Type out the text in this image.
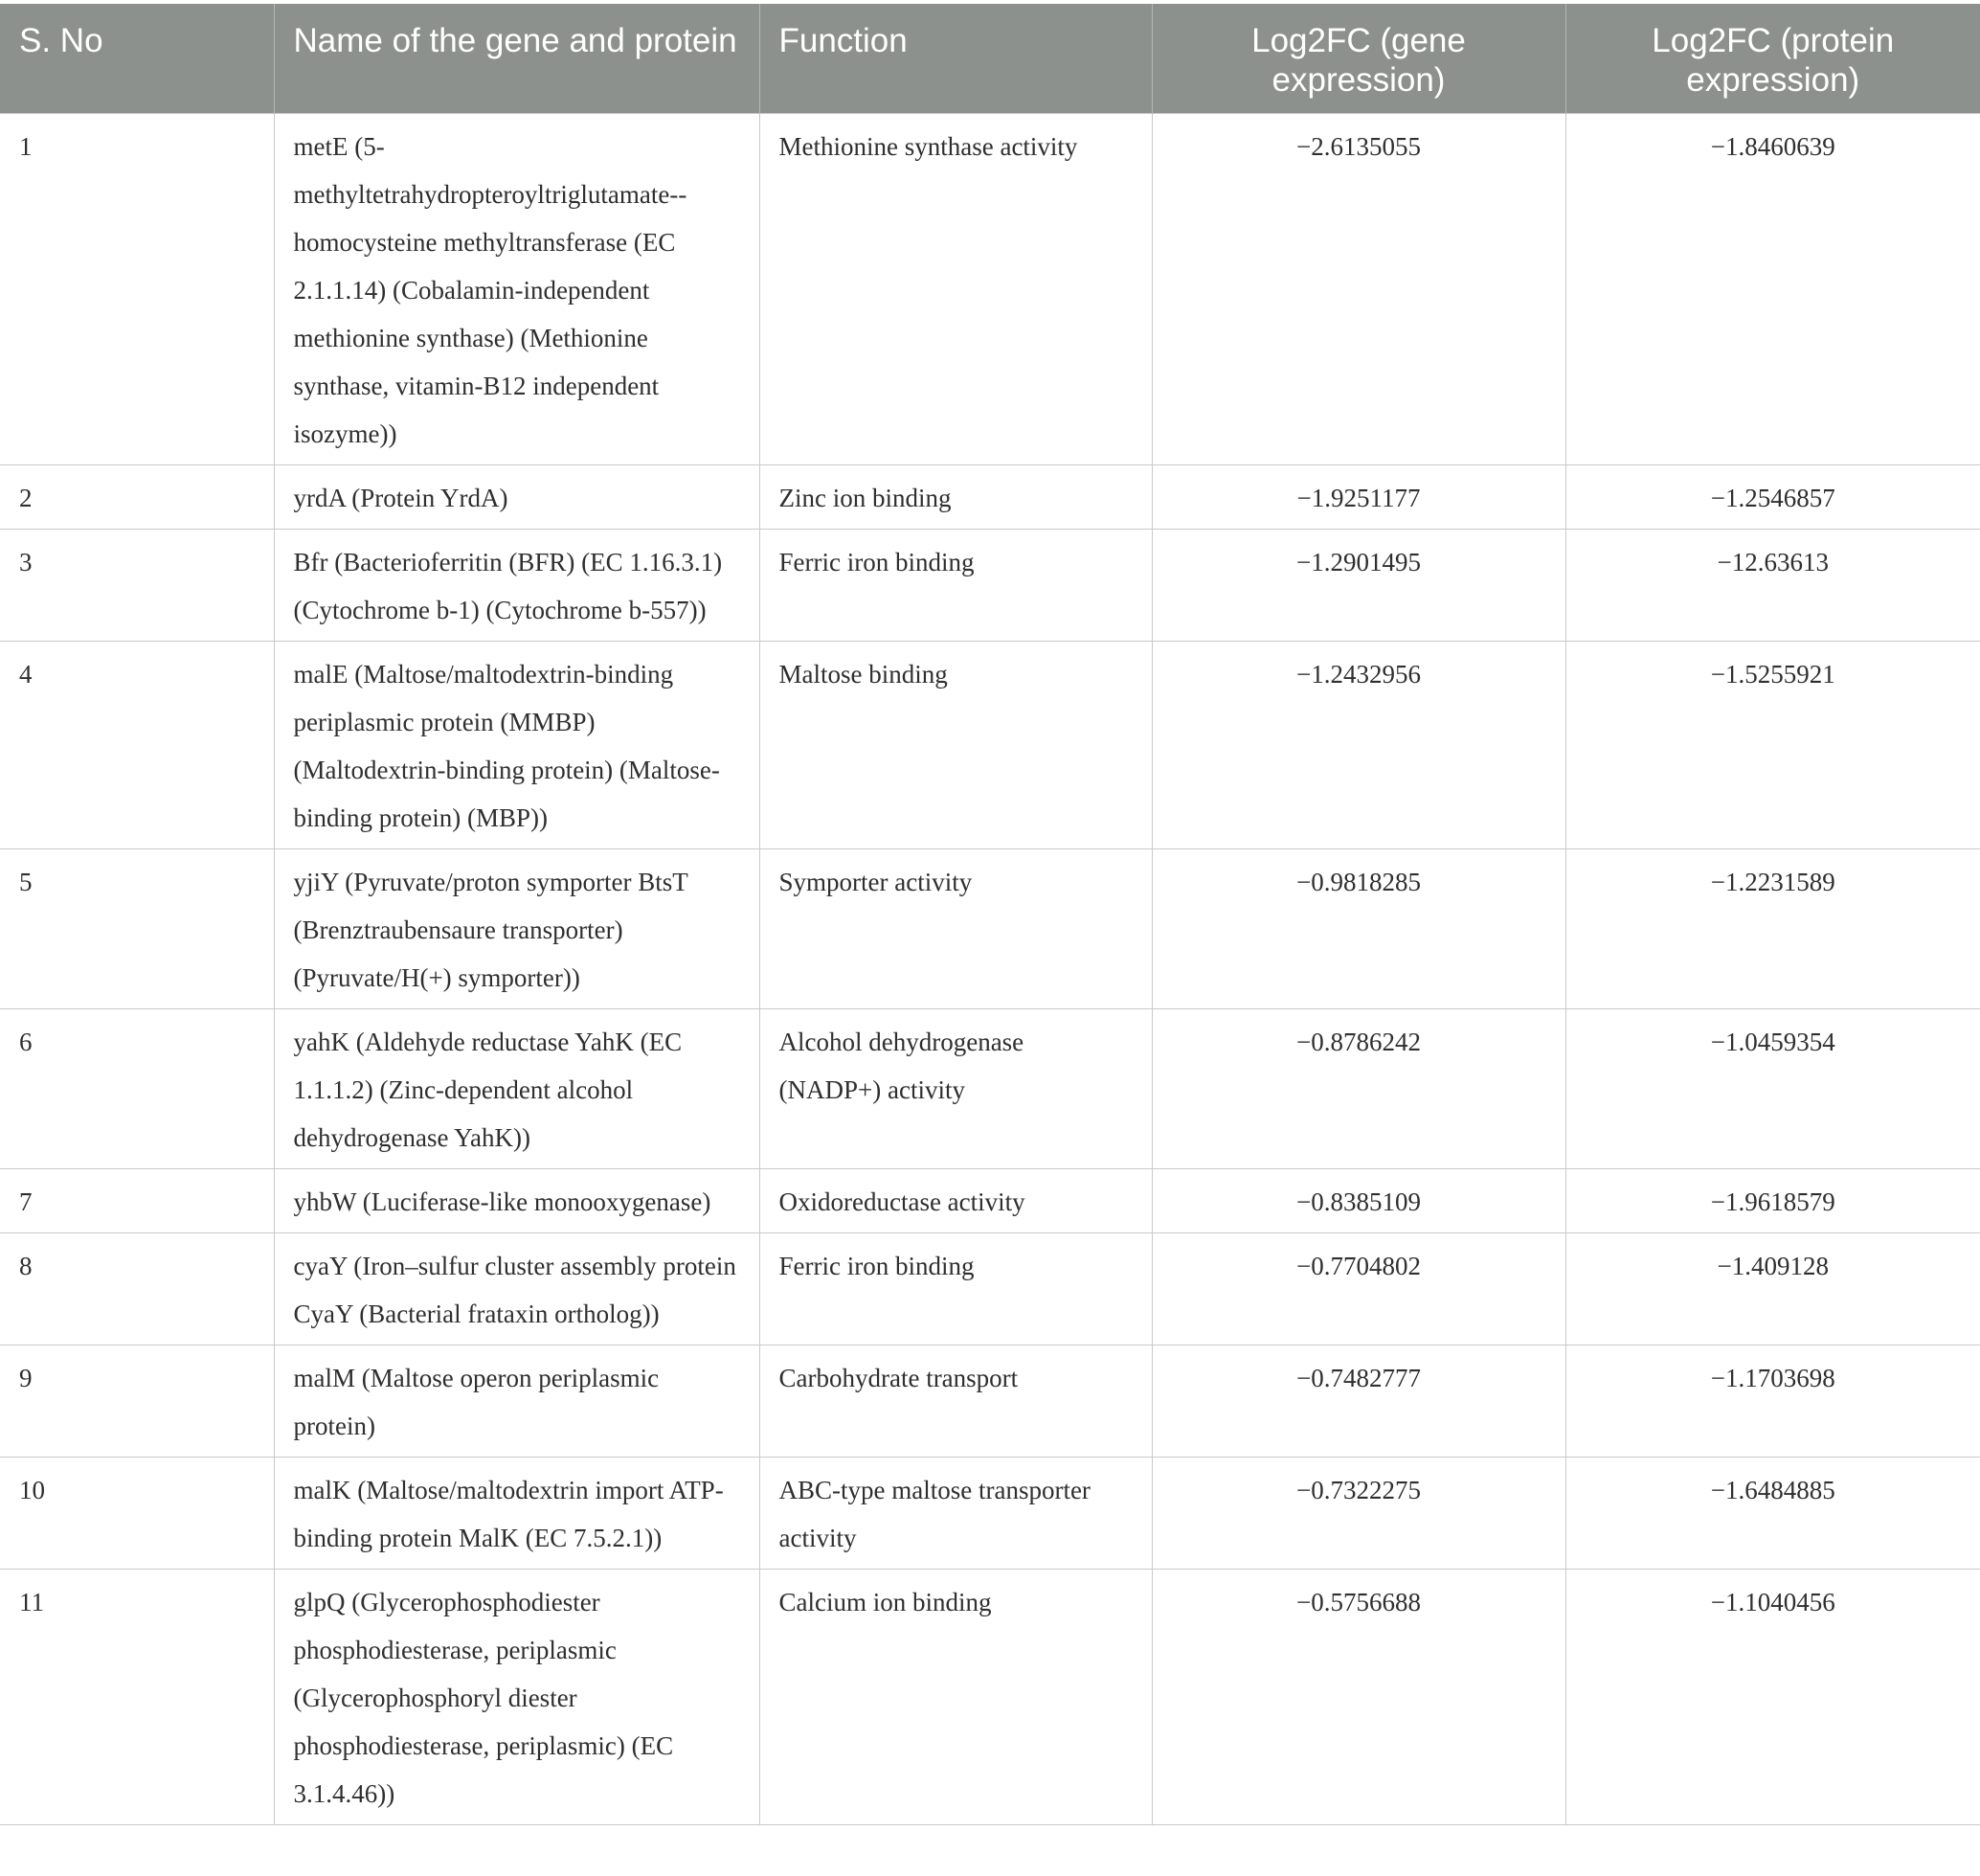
S. No	Name of the gene and protein	Function	Log2FC (gene expression)	Log2FC (protein expression)
1	metE (5-methyltetrahydropteroyltriglutamate--homocysteine methyltransferase (EC 2.1.1.14) (Cobalamin-independent methionine synthase) (Methionine synthase, vitamin-B12 independent isozyme))	Methionine synthase activity	−2.6135055	−1.8460639
2	yrdA (Protein YrdA)	Zinc ion binding	−1.9251177	−1.2546857
3	Bfr (Bacterioferritin (BFR) (EC 1.16.3.1) (Cytochrome b-1) (Cytochrome b-557))	Ferric iron binding	−1.2901495	−12.63613
4	malE (Maltose/maltodextrin-binding periplasmic protein (MMBP) (Maltodextrin-binding protein) (Maltose-binding protein) (MBP))	Maltose binding	−1.2432956	−1.5255921
5	yjiY (Pyruvate/proton symporter BtsT (Brenztraubensaure transporter) (Pyruvate/H(+) symporter))	Symporter activity	−0.9818285	−1.2231589
6	yahK (Aldehyde reductase YahK (EC 1.1.1.2) (Zinc-dependent alcohol dehydrogenase YahK))	Alcohol dehydrogenase (NADP+) activity	−0.8786242	−1.0459354
7	yhbW (Luciferase-like monooxygenase)	Oxidoreductase activity	−0.8385109	−1.9618579
8	cyaY (Iron–sulfur cluster assembly protein CyaY (Bacterial frataxin ortholog))	Ferric iron binding	−0.7704802	−1.409128
9	malM (Maltose operon periplasmic protein)	Carbohydrate transport	−0.7482777	−1.1703698
10	malK (Maltose/maltodextrin import ATP-binding protein MalK (EC 7.5.2.1))	ABC-type maltose transporter activity	−0.7322275	−1.6484885
11	glpQ (Glycerophosphodiester phosphodiesterase, periplasmic (Glycerophosphoryl diester phosphodiesterase, periplasmic) (EC 3.1.4.46))	Calcium ion binding	−0.5756688	−1.1040456
